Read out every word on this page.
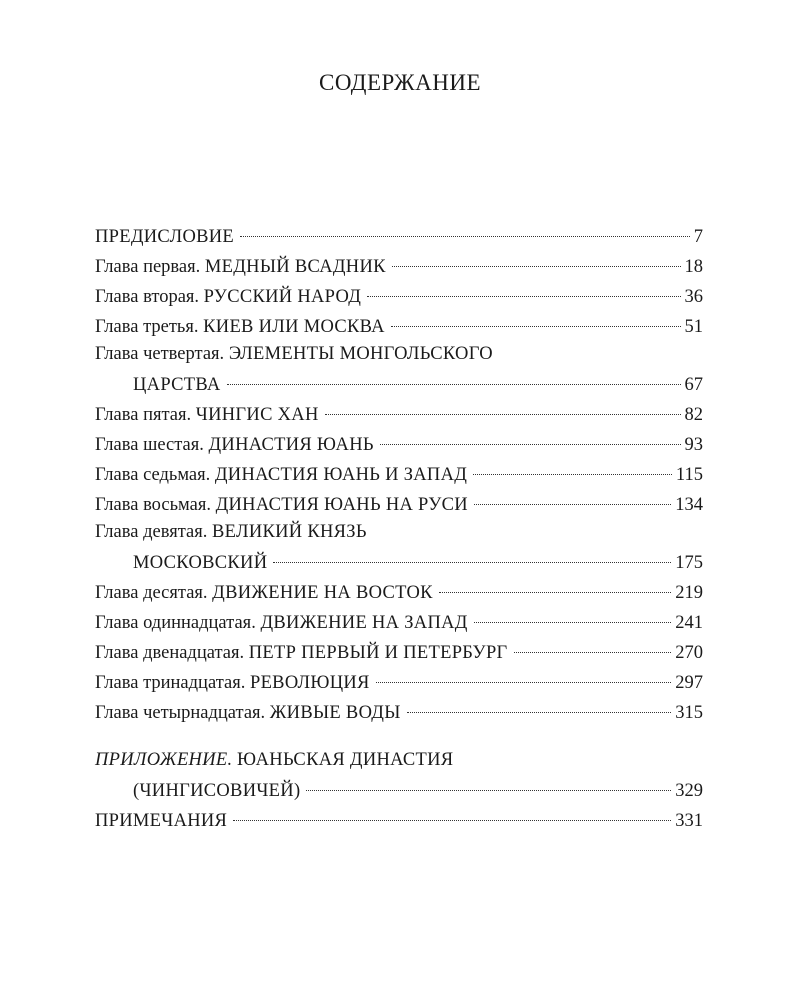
СОДЕРЖАНИЕ
ПРЕДИСЛОВИЕ	7
Глава первая. МЕДНЫЙ ВСАДНИК	18
Глава вторая. РУССКИЙ НАРОД	36
Глава третья. КИЕВ ИЛИ МОСКВА	51
Глава четвертая. ЭЛЕМЕНТЫ МОНГОЛЬСКОГО
ЦАРСТВА	67
Глава пятая. ЧИНГИС ХАН	82
Глава шестая. ДИНАСТИЯ ЮАНЬ	93
Глава седьмая. ДИНАСТИЯ ЮАНЬ И ЗАПАД	115
Глава восьмая. ДИНАСТИЯ ЮАНЬ НА РУСИ	134
Глава девятая. ВЕЛИКИЙ КНЯЗЬ
МОСКОВСКИЙ	175
Глава десятая. ДВИЖЕНИЕ НА ВОСТОК	219
Глава одиннадцатая. ДВИЖЕНИЕ НА ЗАПАД	241
Глава двенадцатая. ПЕТР ПЕРВЫЙ И ПЕТЕРБУРГ	270
Глава тринадцатая. РЕВОЛЮЦИЯ	297
Глава четырнадцатая. ЖИВЫЕ ВОДЫ	315
ПРИЛОЖЕНИЕ. ЮАНЬСКАЯ ДИНАСТИЯ
(ЧИНГИСОВИЧЕЙ)	329
ПРИМЕЧАНИЯ	331
